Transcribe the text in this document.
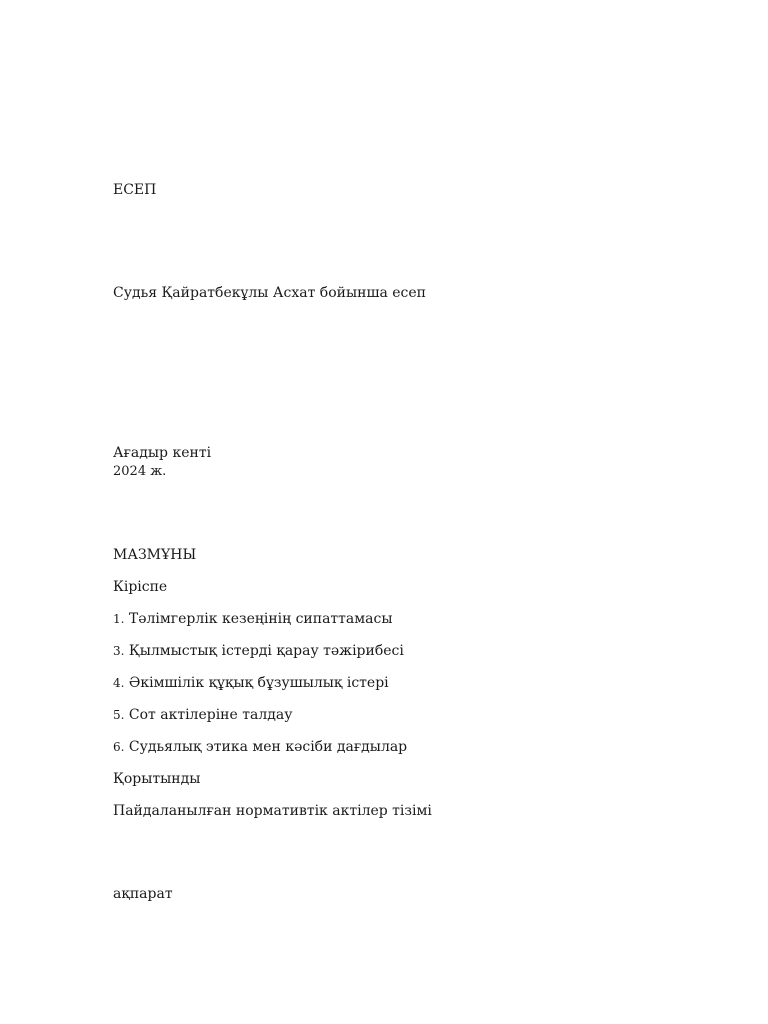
ЕСЕП
Судья Қайратбекұлы Асхат бойынша есеп
Ағадыр кенті
2024 ж.
МАЗМҰНЫ
Кіріспе
1. Тәлімгерлік кезеңінің сипаттамасы
3. Қылмыстық істерді қарау тәжірибесі
4. Әкімшілік құқық бұзушылық істері
5. Сот актілеріне талдау
6. Судьялық этика мен кәсіби дағдылар
Қорытынды
Пайдаланылған нормативтік актілер тізімі
ақпарат
